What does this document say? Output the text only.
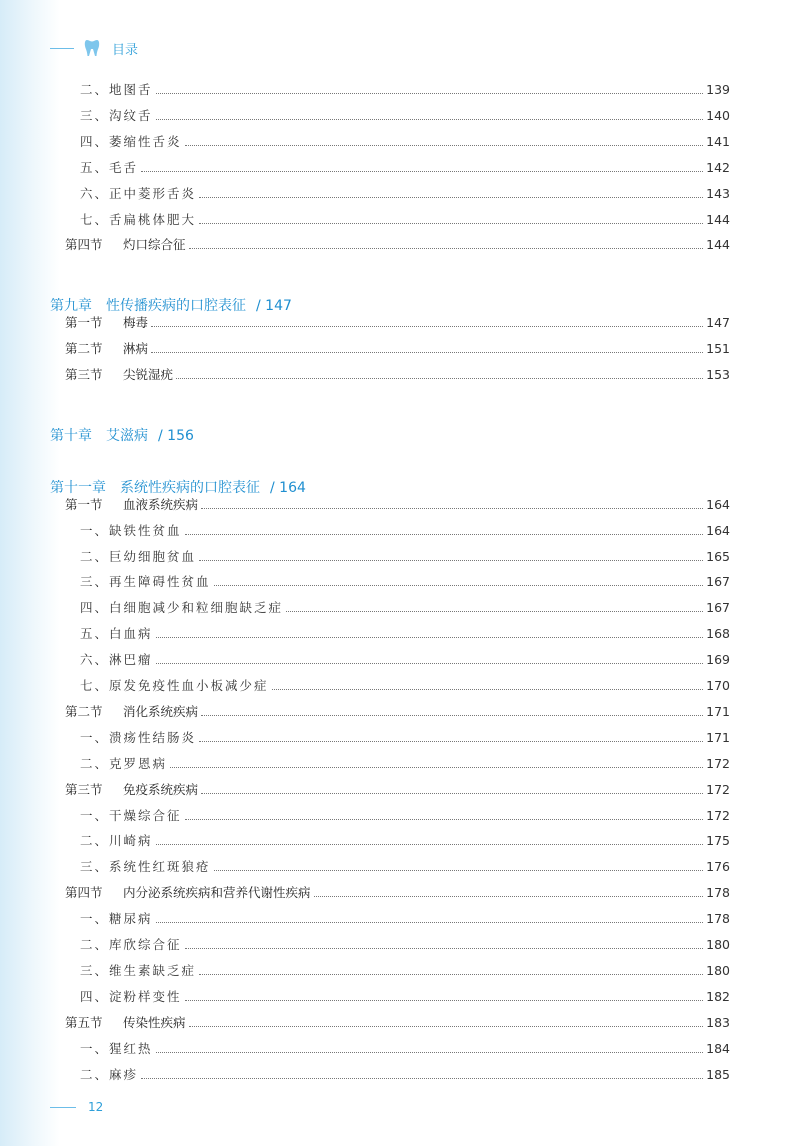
目录
二、地图舌	139
三、沟纹舌	140
四、萎缩性舌炎	141
五、毛舌	142
六、正中菱形舌炎	143
七、舌扁桃体肥大	144
第四节 灼口综合征	144
第九章 性传播疾病的口腔表征 / 147
第一节 梅毒	147
第二节 淋病	151
第三节 尖锐湿疣	153
第十章 艾滋病 / 156
第十一章 系统性疾病的口腔表征 / 164
第一节 血液系统疾病	164
一、缺铁性贫血	164
二、巨幼细胞贫血	165
三、再生障碍性贫血	167
四、白细胞减少和粒细胞缺乏症	167
五、白血病	168
六、淋巴瘤	169
七、原发免疫性血小板减少症	170
第二节 消化系统疾病	171
一、溃疡性结肠炎	171
二、克罗恩病	172
第三节 免疫系统疾病	172
一、干燥综合征	172
二、川崎病	175
三、系统性红斑狼疮	176
第四节 内分泌系统疾病和营养代谢性疾病	178
一、糖尿病	178
二、库欣综合征	180
三、维生素缺乏症	180
四、淀粉样变性	182
第五节 传染性疾病	183
一、猩红热	184
二、麻疹	185
12
